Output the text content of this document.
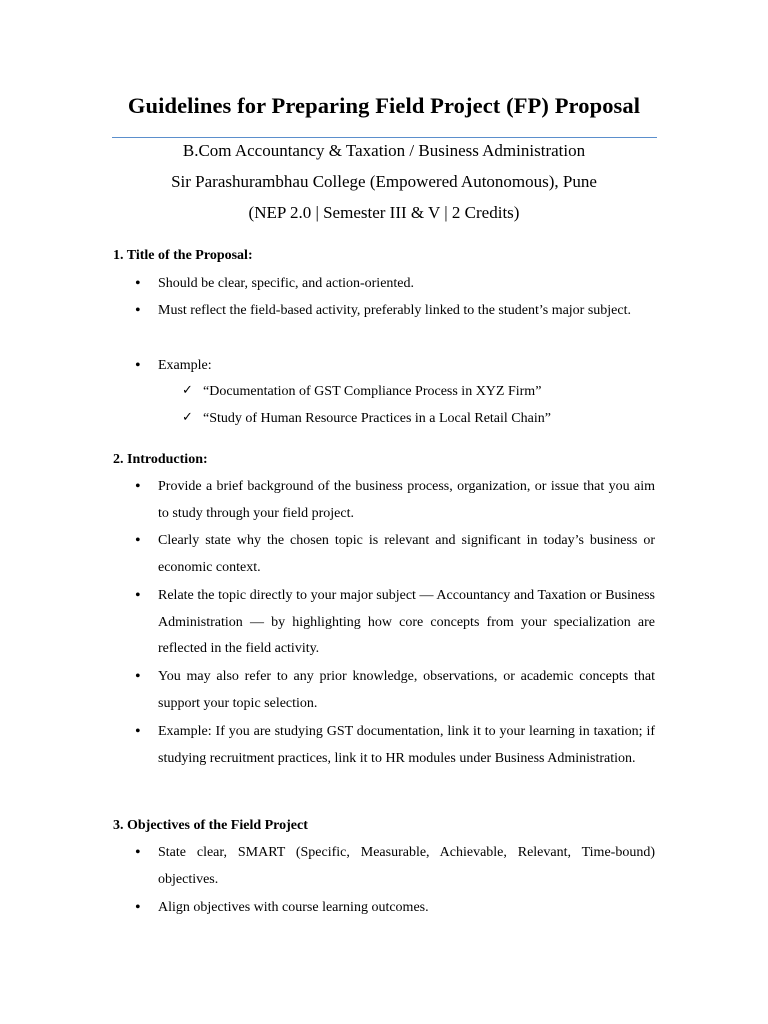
Guidelines for Preparing Field Project (FP) Proposal
B.Com Accountancy & Taxation / Business Administration
Sir Parashurambhau College (Empowered Autonomous), Pune
(NEP 2.0 | Semester III & V | 2 Credits)
1. Title of the Proposal:
• Should be clear, specific, and action-oriented.
• Must reflect the field-based activity, preferably linked to the student’s major subject.
• Example:
✓ “Documentation of GST Compliance Process in XYZ Firm”
✓ “Study of Human Resource Practices in a Local Retail Chain”
2. Introduction:
• Provide a brief background of the business process, organization, or issue that you aim to study through your field project.
• Clearly state why the chosen topic is relevant and significant in today’s business or economic context.
• Relate the topic directly to your major subject — Accountancy and Taxation or Business Administration — by highlighting how core concepts from your specialization are reflected in the field activity.
• You may also refer to any prior knowledge, observations, or academic concepts that support your topic selection.
• Example: If you are studying GST documentation, link it to your learning in taxation; if studying recruitment practices, link it to HR modules under Business Administration.
3. Objectives of the Field Project
• State clear, SMART (Specific, Measurable, Achievable, Relevant, Time-bound) objectives.
• Align objectives with course learning outcomes.
